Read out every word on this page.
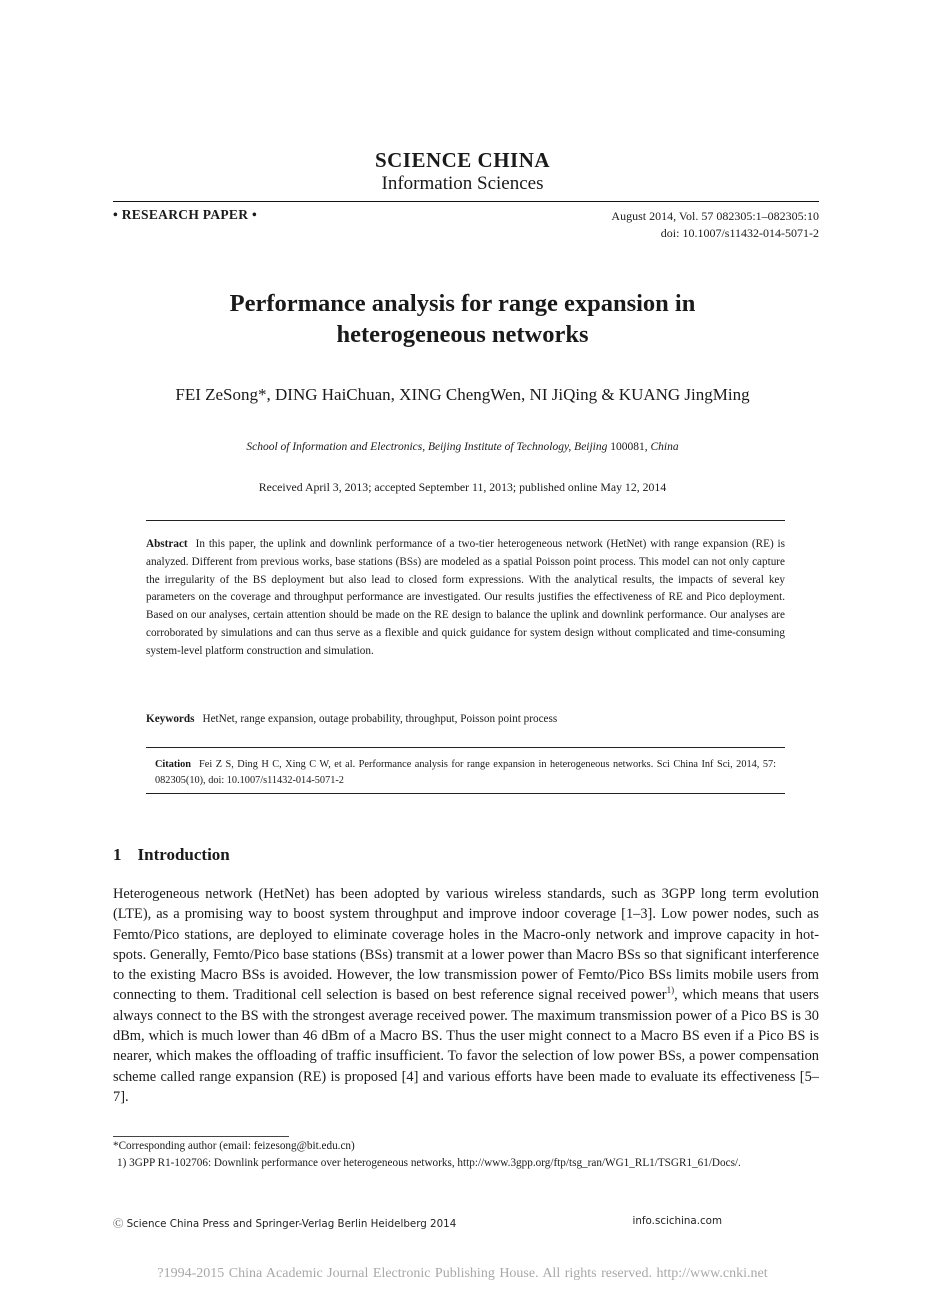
SCIENCE CHINA
Information Sciences
• RESEARCH PAPER •	August 2014, Vol. 57 082305:1–082305:10
doi: 10.1007/s11432-014-5071-2
Performance analysis for range expansion in
heterogeneous networks
FEI ZeSong*, DING HaiChuan, XING ChengWen, NI JiQing & KUANG JingMing
School of Information and Electronics, Beijing Institute of Technology, Beijing 100081, China
Received April 3, 2013; accepted September 11, 2013; published online May 12, 2014
Abstract In this paper, the uplink and downlink performance of a two-tier heterogeneous network (HetNet) with range expansion (RE) is analyzed. Different from previous works, base stations (BSs) are modeled as a spatial Poisson point process. This model can not only capture the irregularity of the BS deployment but also lead to closed form expressions. With the analytical results, the impacts of several key parameters on the coverage and throughput performance are investigated. Our results justifies the effectiveness of RE and Pico deployment. Based on our analyses, certain attention should be made on the RE design to balance the uplink and downlink performance. Our analyses are corroborated by simulations and can thus serve as a flexible and quick guidance for system design without complicated and time-consuming system-level platform construction and simulation.
Keywords HetNet, range expansion, outage probability, throughput, Poisson point process
Citation Fei Z S, Ding H C, Xing C W, et al. Performance analysis for range expansion in heterogeneous networks. Sci China Inf Sci, 2014, 57: 082305(10), doi: 10.1007/s11432-014-5071-2
1 Introduction

Heterogeneous network (HetNet) has been adopted by various wireless standards, such as 3GPP long term evolution (LTE), as a promising way to boost system throughput and improve indoor coverage [1–3]. Low power nodes, such as Femto/Pico stations, are deployed to eliminate coverage holes in the Macro-only network and improve capacity in hot-spots. Generally, Femto/Pico base stations (BSs) transmit at a lower power than Macro BSs so that significant interference to the existing Macro BSs is avoided. However, the low transmission power of Femto/Pico BSs limits mobile users from connecting to them. Traditional cell selection is based on best reference signal received power$^{1)}$, which means that users always connect to the BS with the strongest average received power. The maximum transmission power of a Pico BS is 30 dBm, which is much lower than 46 dBm of a Macro BS. Thus the user might connect to a Macro BS even if a Pico BS is nearer, which makes the offloading of traffic insufficient. To favor the selection of low power BSs, a power compensation scheme called range expansion (RE) is proposed [4] and various efforts have been made to evaluate its effectiveness [5–7].

*Corresponding author (email: feizesong@bit.edu.cn)
1) 3GPP R1-102706: Downlink performance over heterogeneous networks, http://www.3gpp.org/ftp/tsg_ran/WG1_RL1/TSGR1_61/Docs/.
Ⓒ Science China Press and Springer-Verlag Berlin Heidelberg 2014	info.scichina.com
?1994-2015 China Academic Journal Electronic Publishing House. All rights reserved. http://www.cnki.net
